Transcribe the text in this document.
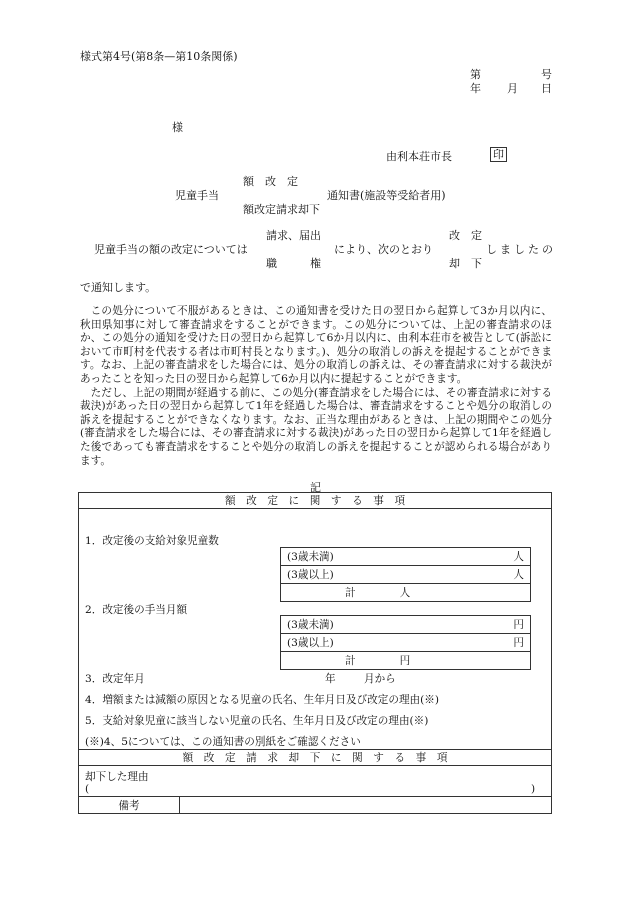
様式第4号(第8条—第10条関係)
第	号
年 月 日
様
由利本荘市長	印
額　改　定
児童手当	通知書(施設等受給者用)
額改定請求却下
請求、届出	改　定
児童手当の額の改定については	により、次のとおり	しましたの
職　　　権	却　下
で通知します。

この処分について不服があるときは、この通知書を受けた日の翌日から起算して3か月以内に、秋田県知事に対して審査請求をすることができます。この処分については、上記の審査請求のほか、この処分の通知を受けた日の翌日から起算して6か月以内に、由利本荘市を被告として(訴訟において市町村を代表する者は市町村長となります。)、処分の取消しの訴えを提起することができます。なお、上記の審査請求をした場合には、処分の取消しの訴えは、その審査請求に対する裁決があったことを知った日の翌日から起算して6か月以内に提起することができます。

ただし、上記の期間が経過する前に、この処分(審査請求をした場合には、その審査請求に対する裁決)があった日の翌日から起算して1年を経過した場合は、審査請求をすることや処分の取消しの訴えを提起することができなくなります。なお、正当な理由があるときは、上記の期間やこの処分(審査請求をした場合には、その審査請求に対する裁決)があった日の翌日から起算して1年を経過した後であっても審査請求をすることや処分の取消しの訴えを提起することが認められる場合があります。

記
額　改　定　に　関　す　る　事　項

1．改定後の支給対象児童数
(3歳未満)	人

(3歳以上)	人

計	人
2．改定後の手当月額
(3歳未満)	円

(3歳以上)	円

計	円
3．改定年月	年	月から
4．増額または減額の原因となる児童の氏名、生年月日及び改定の理由(※)
5．支給対象児童に該当しない児童の氏名、生年月日及び改定の理由(※)
(※)4、5については、この通知書の別紙をご確認ください

額　改　定　請　求　却　下　に　関　す　る　事　項

却下した理由
(	)

備考	
